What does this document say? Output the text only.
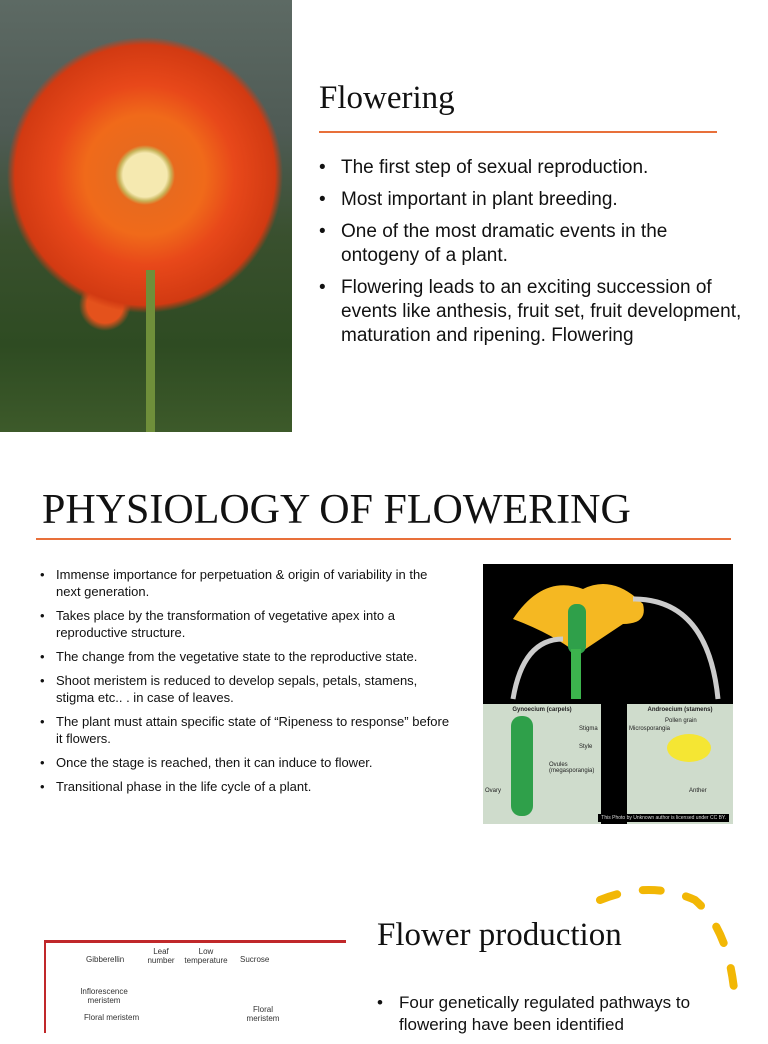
Flowering
• The first step of sexual reproduction.
• Most important in plant breeding.
• One of the most dramatic events in the ontogeny of a plant.
• Flowering leads to an exciting succession of events like anthesis, fruit set, fruit development, maturation and ripening. Flowering
PHYSIOLOGY OF FLOWERING
• Immense importance for perpetuation & origin of variability in the next generation.
• Takes place by the transformation of vegetative apex into a reproductive structure.
• The change from the vegetative state to the reproductive state.
• Shoot meristem is reduced to develop sepals, petals, stamens, stigma etc.. . in case of leaves.
• The plant must attain specific state of “Ripeness to response” before it flowers.
• Once the stage is reached, then it can induce to flower.
• Transitional phase in the life cycle of a plant.
Gynoecium (carpels)
Stigma
Style
Ovules (megasporangia)
Ovary
Androecium (stamens)
Pollen grain
Microsporangia
Anther
This Photo by Unknown author is licensed under CC BY.
Gibberellin
Leaf number
Low temperature	Sucrose
Inflorescence meristem
Floral meristem
Floral meristem
Flower production
• Four genetically regulated pathways to flowering have been identified
